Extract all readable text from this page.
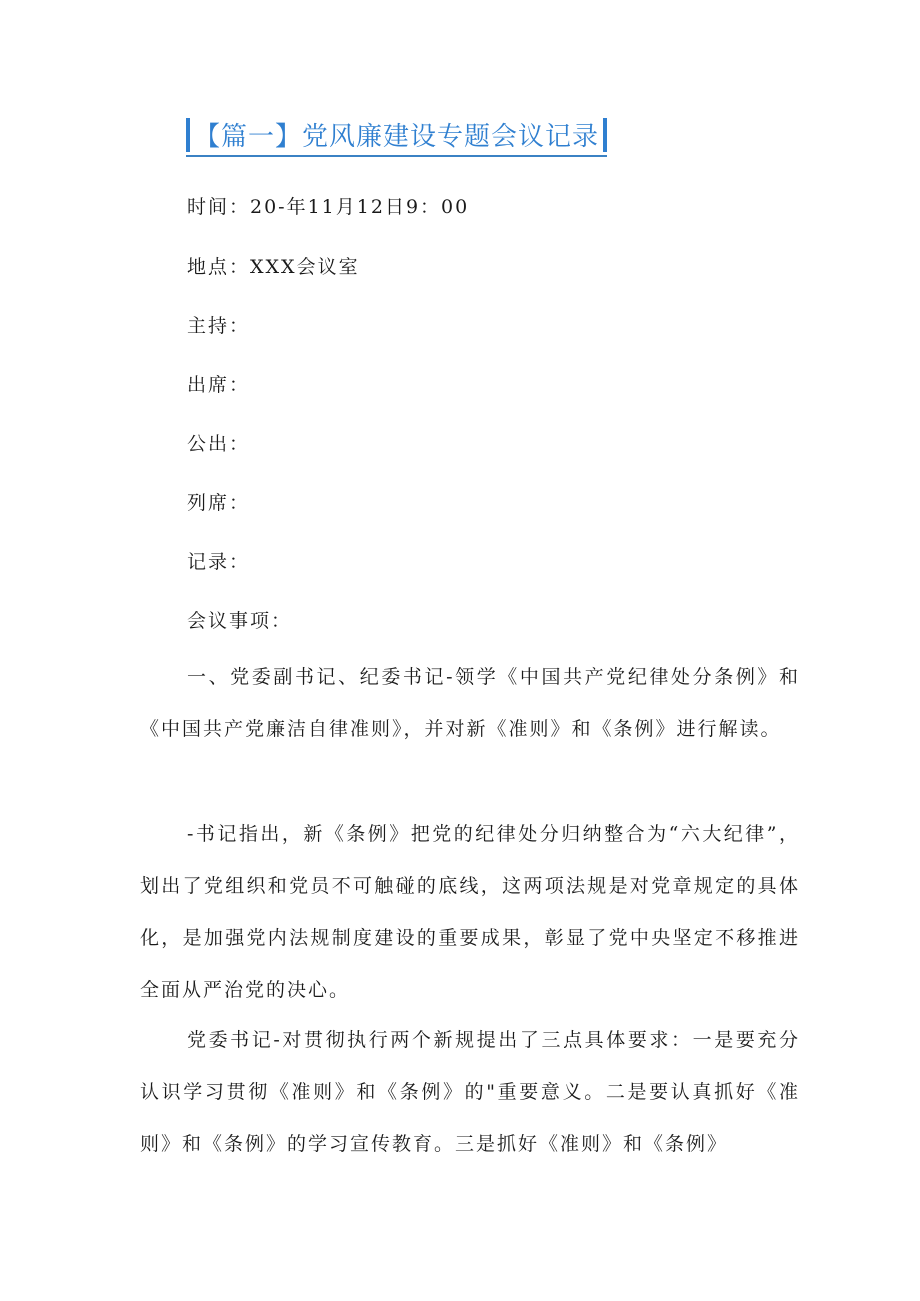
【篇一】党风廉建设专题会议记录
时间：20-年11月12日9：00
地点：XXX会议室
主持：
出席：
公出：
列席：
记录：
会议事项：

一、党委副书记、纪委书记-领学《中国共产党纪律处分条例》和《中国共产党廉洁自律准则》，并对新《准则》和《条例》进行解读。

-书记指出，新《条例》把党的纪律处分归纳整合为“六大纪律”，划出了党组织和党员不可触碰的底线，这两项法规是对党章规定的具体化，是加强党内法规制度建设的重要成果，彰显了党中央坚定不移推进全面从严治党的决心。

党委书记-对贯彻执行两个新规提出了三点具体要求：一是要充分认识学习贯彻《准则》和《条例》的"重要意义。二是要认真抓好《准则》和《条例》的学习宣传教育。三是抓好《准则》和《条例》
